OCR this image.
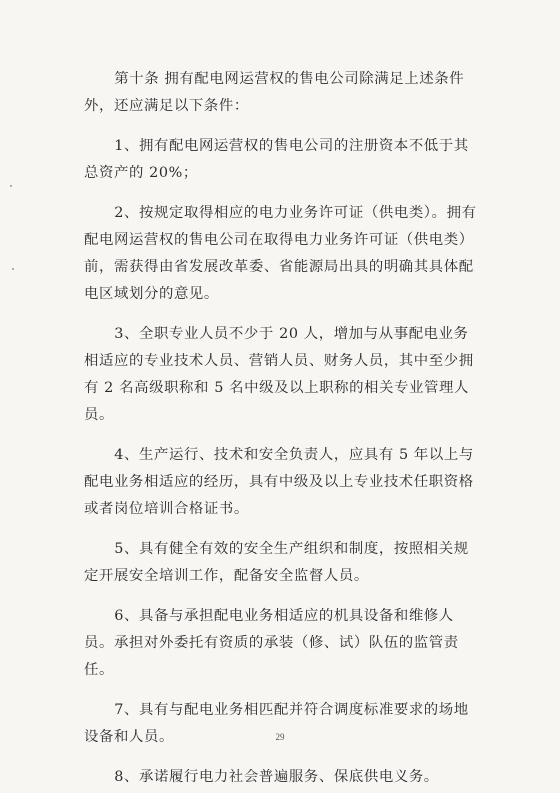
第十条 拥有配电网运营权的售电公司除满足上述条件外，还应满足以下条件：

1、拥有配电网运营权的售电公司的注册资本不低于其总资产的 20%；

2、按规定取得相应的电力业务许可证（供电类）。拥有配电网运营权的售电公司在取得电力业务许可证（供电类）前，需获得由省发展改革委、省能源局出具的明确其具体配电区域划分的意见。

3、全职专业人员不少于 20 人，增加与从事配电业务相适应的专业技术人员、营销人员、财务人员，其中至少拥有 2 名高级职称和 5 名中级及以上职称的相关专业管理人员。

4、生产运行、技术和安全负责人，应具有 5 年以上与配电业务相适应的经历，具有中级及以上专业技术任职资格或者岗位培训合格证书。

5、具有健全有效的安全生产组织和制度，按照相关规定开展安全培训工作，配备安全监督人员。

6、具备与承担配电业务相适应的机具设备和维修人员。承担对外委托有资质的承装（修、试）队伍的监管责任。

7、具有与配电业务相匹配并符合调度标准要求的场地设备和人员。

8、承诺履行电力社会普遍服务、保底供电义务。

29
